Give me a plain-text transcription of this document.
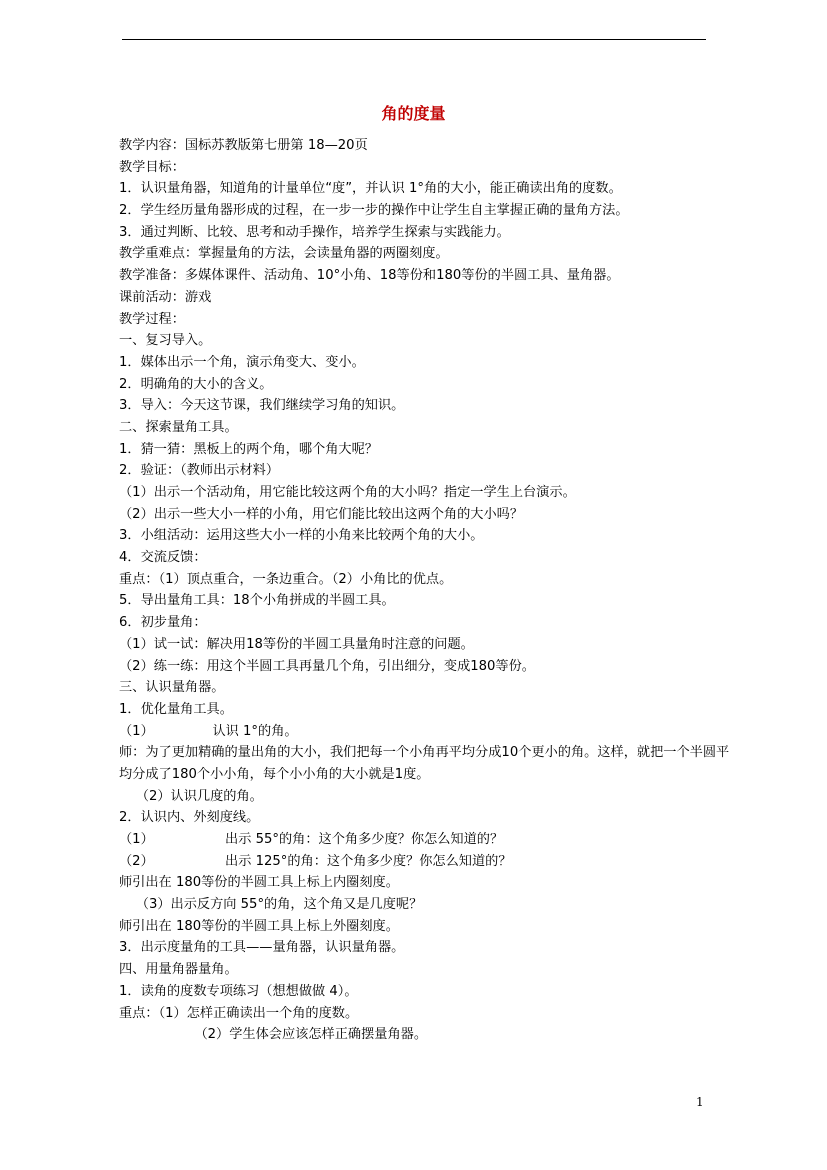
角的度量
教学内容：国标苏教版第七册第 18—20页
教学目标：
1．认识量角器，知道角的计量单位“度”，并认识 1°角的大小，能正确读出角的度数。
2．学生经历量角器形成的过程，在一步一步的操作中让学生自主掌握正确的量角方法。
3．通过判断、比较、思考和动手操作，培养学生探索与实践能力。
教学重难点：掌握量角的方法，会读量角器的两圈刻度。
教学准备：多媒体课件、活动角、10°小角、18等份和180等份的半圆工具、量角器。
课前活动：游戏
教学过程：
一、复习导入。
1．媒体出示一个角，演示角变大、变小。
2．明确角的大小的含义。
3．导入：今天这节课，我们继续学习角的知识。
二、探索量角工具。
1．猜一猜：黑板上的两个角，哪个角大呢？
2．验证：（教师出示材料）
（1）出示一个活动角，用它能比较这两个角的大小吗？指定一学生上台演示。
（2）出示一些大小一样的小角，用它们能比较出这两个角的大小吗？
3．小组活动：运用这些大小一样的小角来比较两个角的大小。
4．交流反馈：
重点：（1）顶点重合，一条边重合。（2）小角比的优点。
5．导出量角工具：18个小角拼成的半圆工具。
6．初步量角：
（1）试一试：解决用18等份的半圆工具量角时注意的问题。
（2）练一练：用这个半圆工具再量几个角，引出细分，变成180等份。
三、认识量角器。
1．优化量角工具。
（1）              认识 1°的角。
师：为了更加精确的量出角的大小，我们把每一个小角再平均分成10个更小的角。这样，就把一个半圆平均分成了180个小小角，每个小小角的大小就是1度。
（2）认识几度的角。
2．认识内、外刻度线。
（1）                 出示 55°的角：这个角多少度？你怎么知道的？
（2）                 出示 125°的角：这个角多少度？你怎么知道的？
师引出在 180等份的半圆工具上标上内圈刻度。
（3）出示反方向 55°的角，这个角又是几度呢？
师引出在 180等份的半圆工具上标上外圈刻度。
3．出示度量角的工具——量角器，认识量角器。
四、用量角器量角。
1．读角的度数专项练习（想想做做 4）。
重点：（1）怎样正确读出一个角的度数。
（2）学生体会应该怎样正确摆量角器。
1
